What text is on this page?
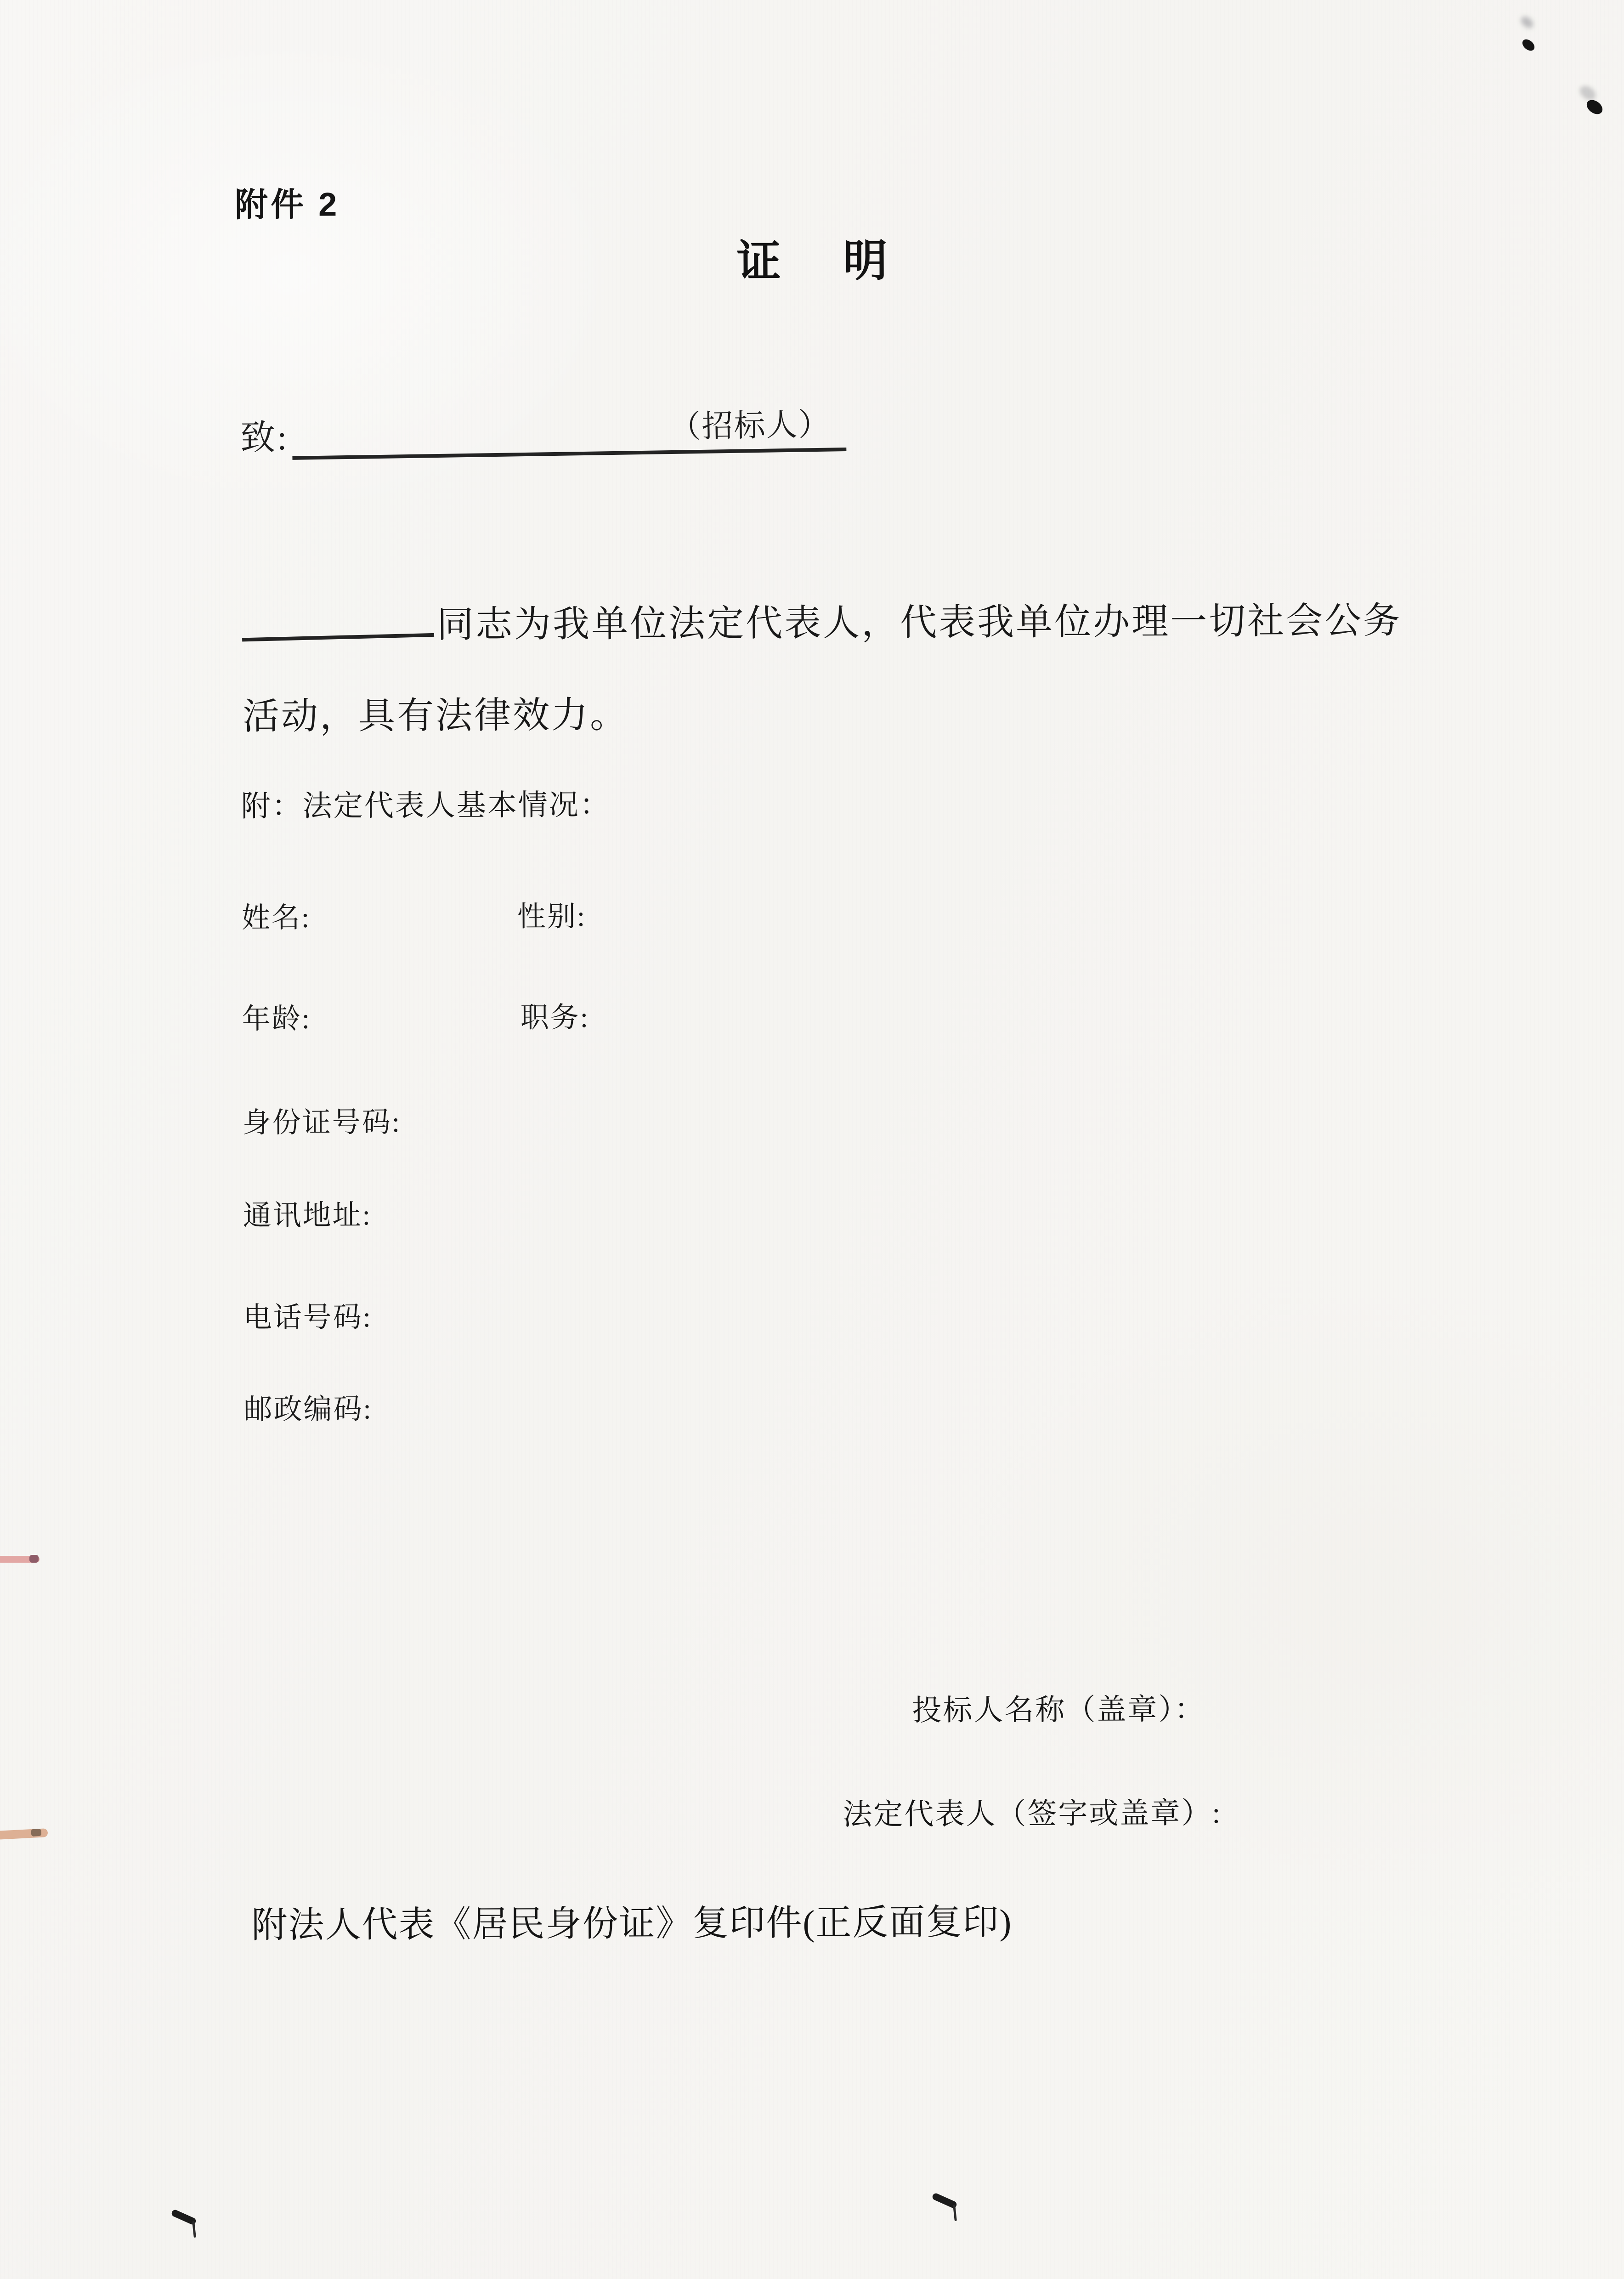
附件 2
证　明
致:	（招标人）
同志为我单位法定代表人，代表我单位办理一切社会公务
活动，具有法律效力。
附：法定代表人基本情况：
姓名:	性别:
年龄:	职务:
身份证号码:
通讯地址:
电话号码:
邮政编码:
投标人名称（盖章）：
法定代表人（签字或盖章）:
附法人代表《居民身份证》复印件(正反面复印)
